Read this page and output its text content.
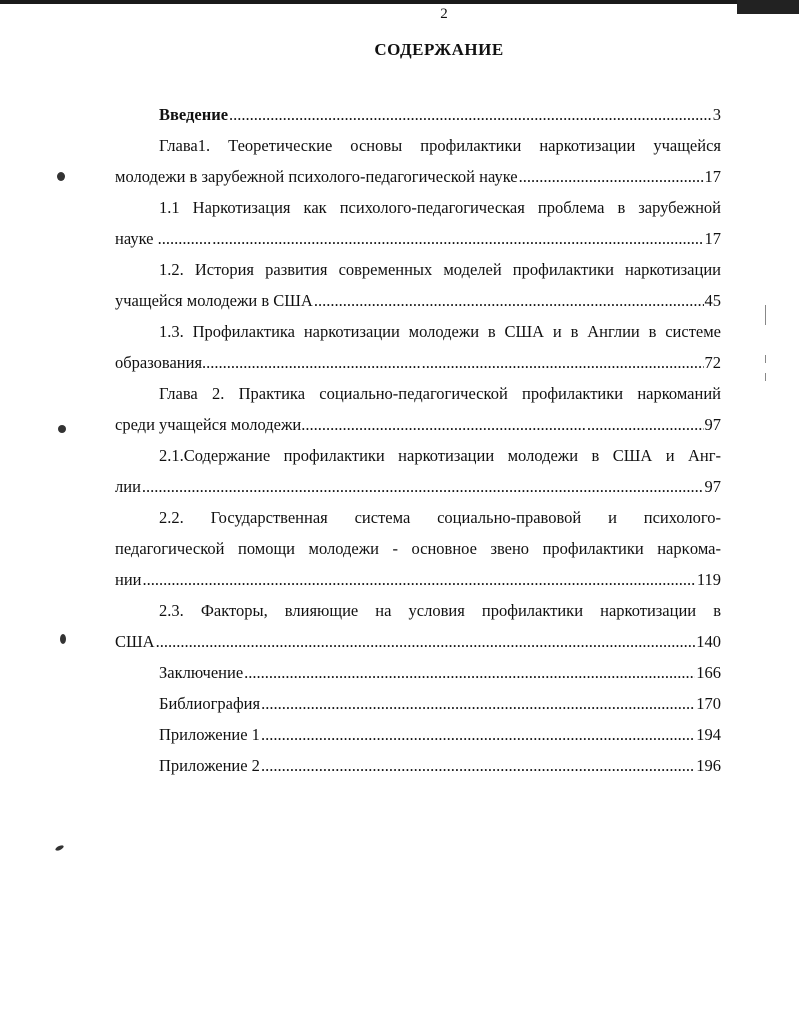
2
СОДЕРЖАНИЕ
Введение .....	3
Глава1. Теоретические основы профилактики наркотизации учащейся
молодежи в зарубежной психолого-педагогической науке .....	17
1.1 Наркотизация как психолого-педагогическая проблема в зарубежной
науке ............. .....	17
1.2. История развития современных моделей профилактики наркотизации
учащейся молодежи в США .....	45
1.3. Профилактика наркотизации молодежи в США и в Англии в системе
образования..................................................... .....	72
Глава 2. Практика социально-педагогической профилактики наркоманий
среди учащейся молодежи..................................................................... .....	97
2.1.Содержание профилактики наркотизации молодежи в США и Анг-
лии .....	97
2.2. Государственная система социально-правовой и психолого-
педагогической помощи молодежи - основное звено профилактики нарκома-
нии .....	119
2.3. Факторы, влияющие на условия профилактики наркотизации в
США .....	140
Заключение .....	166
Библиография .....	170
Приложение 1 .....	194
Приложение 2 .....	196
